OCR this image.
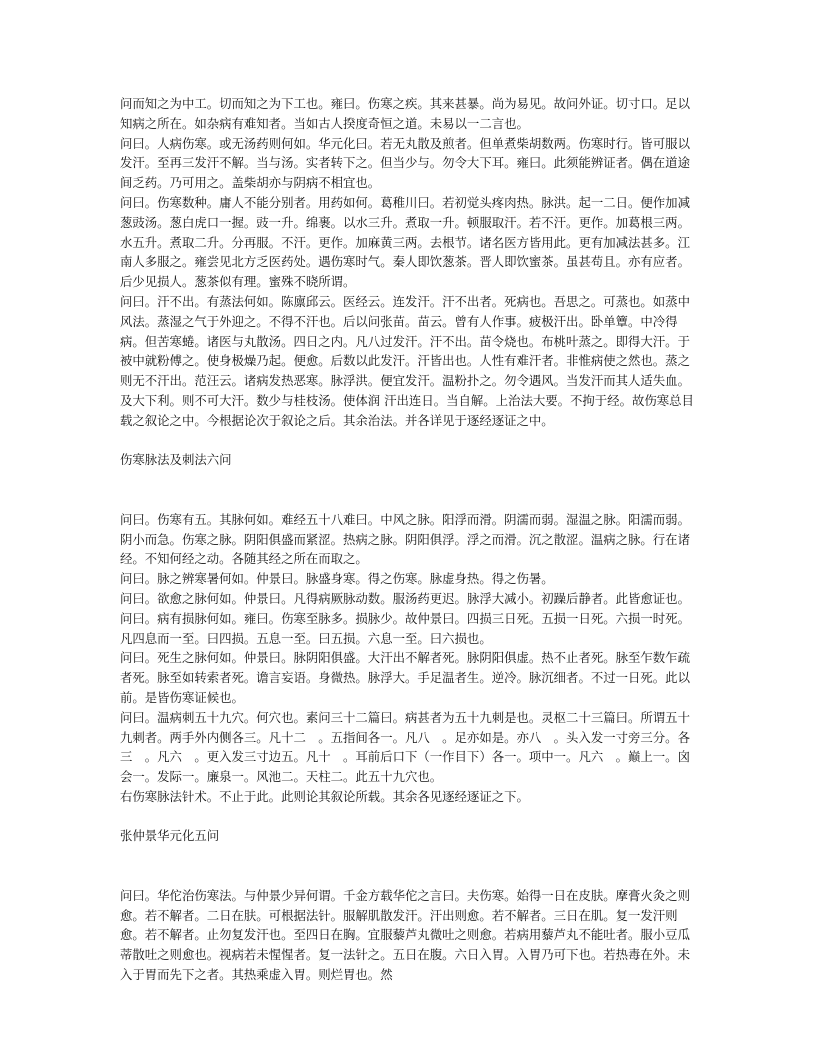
问而知之为中工。切而知之为下工也。雍曰。伤寒之疾。其来甚暴。尚为易见。故问外证。切寸口。足以知病之所在。如杂病有难知者。当如古人揆度奇恒之道。未易以一二言也。

问曰。人病伤寒。或无汤药则何如。华元化曰。若无丸散及煎者。但单煮柴胡数两。伤寒时行。皆可服以发汗。至再三发汗不解。当与汤。实者转下之。但当少与。勿令大下耳。雍曰。此须能辨证者。偶在道途间乏药。乃可用之。盖柴胡亦与阴病不相宜也。

问曰。伤寒数种。庸人不能分别者。用药如何。葛稚川曰。若初觉头疼肉热。脉洪。起一二日。便作加减葱豉汤。葱白虎口一握。豉一升。绵裹。以水三升。煮取一升。顿服取汗。若不汗。更作。加葛根三两。水五升。煮取二升。分再服。不汗。更作。加麻黄三两。去根节。诸名医方皆用此。更有加减法甚多。江南人多服之。雍尝见北方乏医药处。遇伤寒时气。秦人即饮葱茶。晋人即饮蜜茶。虽甚苟且。亦有应者。后少见损人。葱茶似有理。蜜殊不晓所谓。

问曰。汗不出。有蒸法何如。陈廪邱云。医经云。连发汗。汗不出者。死病也。吾思之。可蒸也。如蒸中风法。蒸湿之气于外迎之。不得不汗也。后以问张苗。苗云。曾有人作事。疲极汗出。卧单簟。中冷得病。但苦寒蜷。诸医与丸散汤。四日之内。凡八过发汗。汗不出。苗令烧也。布桃叶蒸之。即得大汗。于被中就粉傅之。使身极燥乃起。便愈。后数以此发汗。汗皆出也。人性有难汗者。非惟病使之然也。蒸之则无不汗出。范汪云。诸病发热恶寒。脉浮洪。便宜发汗。温粉扑之。勿令遇风。当发汗而其人适失血。及大下利。则不可大汗。数少与桂枝汤。使体润 汗出连日。当自解。上治法大要。不拘于经。故伤寒总目载之叙论之中。今根据论次于叙论之后。其余治法。并各详见于逐经逐证之中。

伤寒脉法及刺法六问

问曰。伤寒有五。其脉何如。难经五十八难曰。中风之脉。阳浮而滑。阴濡而弱。湿温之脉。阳濡而弱。阴小而急。伤寒之脉。阴阳俱盛而紧涩。热病之脉。阴阳俱浮。浮之而滑。沉之散涩。温病之脉。行在诸经。不知何经之动。各随其经之所在而取之。

问曰。脉之辨寒暑何如。仲景曰。脉盛身寒。得之伤寒。脉虚身热。得之伤暑。

问曰。欲愈之脉何如。仲景曰。凡得病厥脉动数。服汤药更迟。脉浮大减小。初躁后静者。此皆愈证也。

问曰。病有损脉何如。雍曰。伤寒至脉多。损脉少。故仲景曰。四损三日死。五损一日死。六损一时死。凡四息而一至。曰四损。五息一至。曰五损。六息一至。曰六损也。

问曰。死生之脉何如。仲景曰。脉阴阳俱盛。大汗出不解者死。脉阴阳俱虚。热不止者死。脉至乍数乍疏者死。脉至如转索者死。谵言妄语。身微热。脉浮大。手足温者生。逆冷。脉沉细者。不过一日死。此以前。是皆伤寒证候也。

问曰。温病刺五十九穴。何穴也。素问三十二篇曰。病甚者为五十九刺是也。灵枢二十三篇曰。所谓五十九刺者。两手外内侧各三。凡十二　。五指间各一。凡八　。足亦如是。亦八　。头入发一寸旁三分。各三　。凡六　。更入发三寸边五。凡十　。耳前后口下（一作目下）各一。项中一。凡六　。巅上一。囟会一。发际一。廉泉一。风池二。天柱二。此五十九穴也。

右伤寒脉法针术。不止于此。此则论其叙论所载。其余各见逐经逐证之下。

张仲景华元化五问

问曰。华佗治伤寒法。与仲景少异何谓。千金方载华佗之言曰。夫伤寒。始得一日在皮肤。摩膏火灸之则愈。若不解者。二日在肤。可根据法针。服解肌散发汗。汗出则愈。若不解者。三日在肌。复一发汗则愈。若不解者。止勿复发汗也。至四日在胸。宜服藜芦丸微吐之则愈。若病用藜芦丸不能吐者。服小豆瓜蒂散吐之则愈也。视病若未惺惺者。复一法针之。五日在腹。六日入胃。入胃乃可下也。若热毒在外。未入于胃而先下之者。其热乘虚入胃。则烂胃也。然
